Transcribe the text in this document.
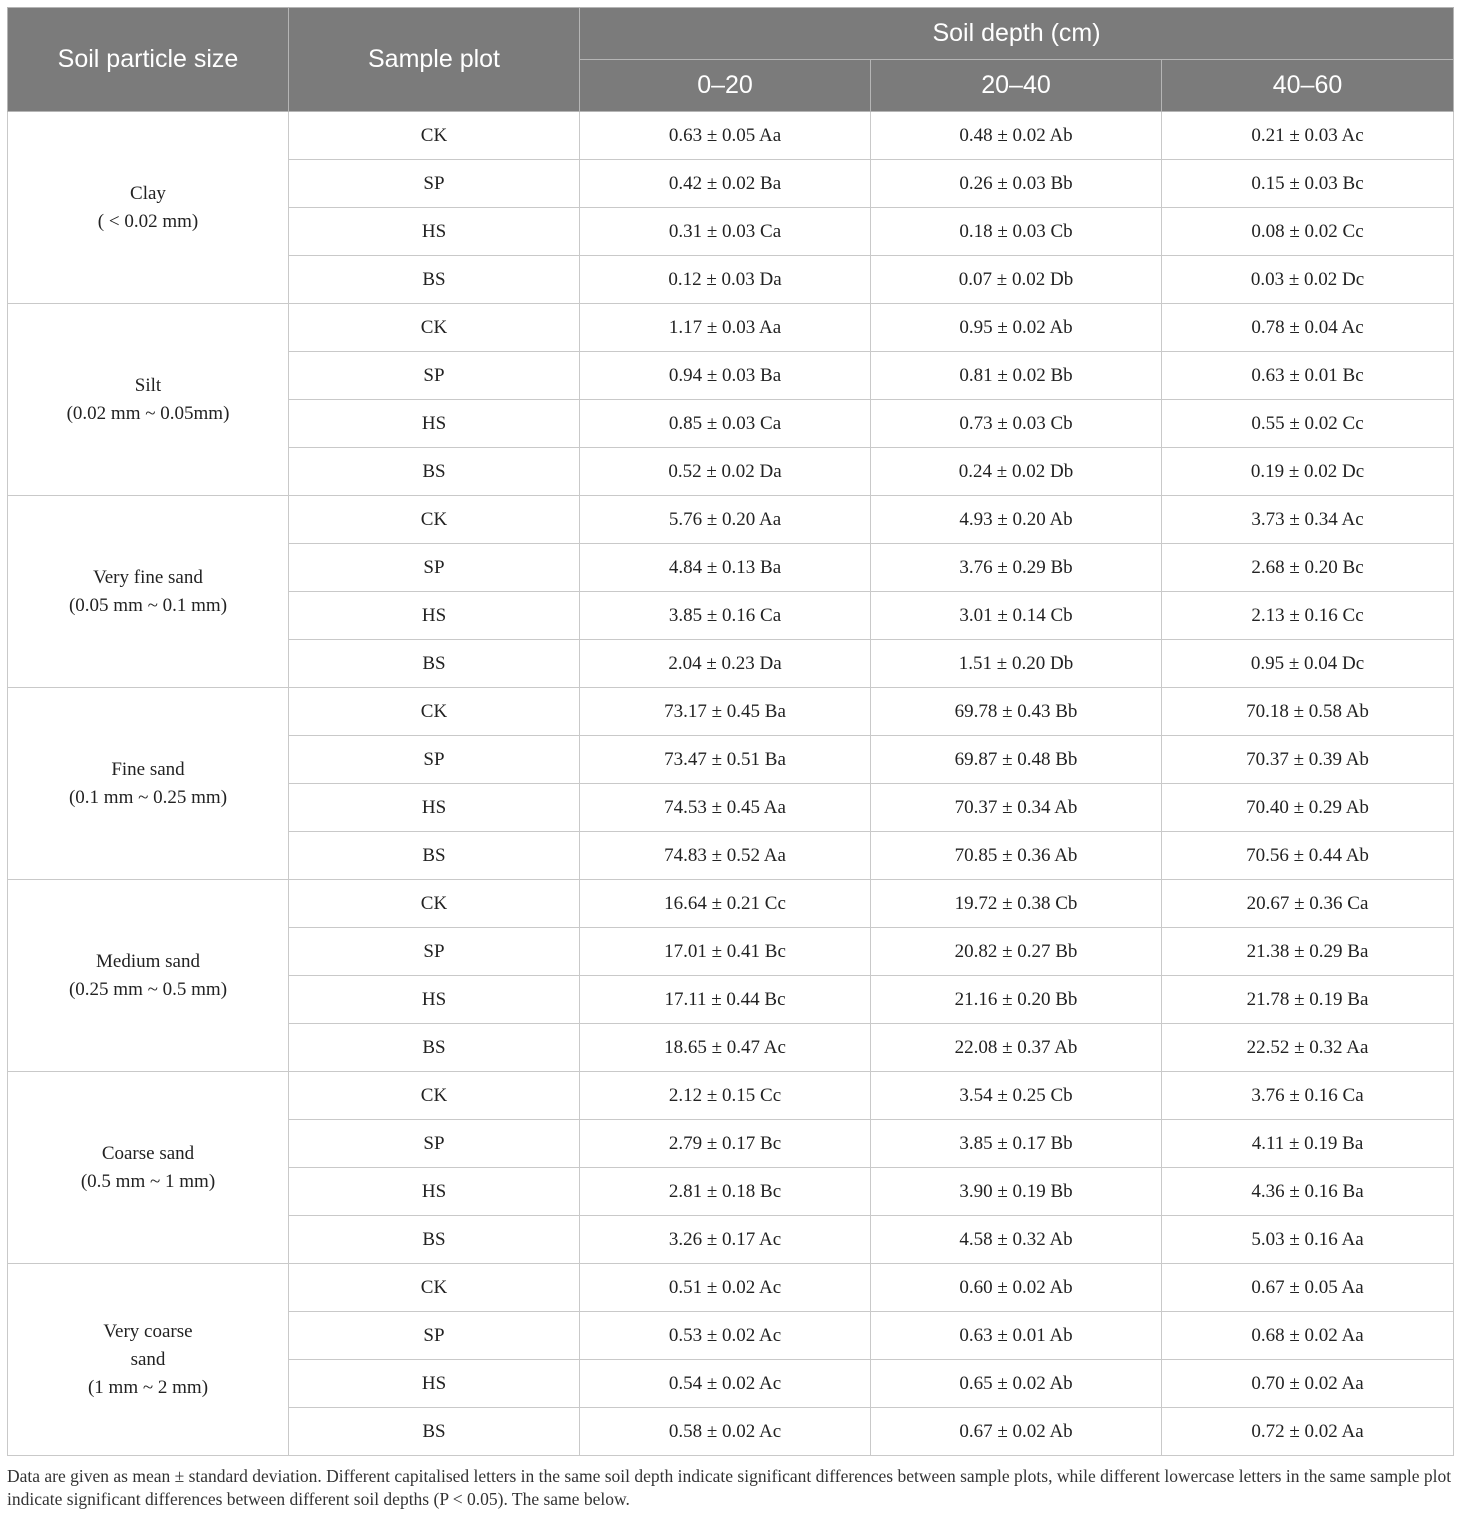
Soil particle size	Sample plot	Soil depth (cm)		
		0–20	20–40	40–60

Clay
( < 0.02 mm)	CK	0.63 ± 0.05 Aa	0.48 ± 0.02 Ab	0.21 ± 0.03 Ac
	SP	0.42 ± 0.02 Ba	0.26 ± 0.03 Bb	0.15 ± 0.03 Bc
	HS	0.31 ± 0.03 Ca	0.18 ± 0.03 Cb	0.08 ± 0.02 Cc
	BS	0.12 ± 0.03 Da	0.07 ± 0.02 Db	0.03 ± 0.02 Dc

Silt
(0.02 mm ~ 0.05mm)	CK	1.17 ± 0.03 Aa	0.95 ± 0.02 Ab	0.78 ± 0.04 Ac
	SP	0.94 ± 0.03 Ba	0.81 ± 0.02 Bb	0.63 ± 0.01 Bc
	HS	0.85 ± 0.03 Ca	0.73 ± 0.03 Cb	0.55 ± 0.02 Cc
	BS	0.52 ± 0.02 Da	0.24 ± 0.02 Db	0.19 ± 0.02 Dc

Very fine sand
(0.05 mm ~ 0.1 mm)	CK	5.76 ± 0.20 Aa	4.93 ± 0.20 Ab	3.73 ± 0.34 Ac
	SP	4.84 ± 0.13 Ba	3.76 ± 0.29 Bb	2.68 ± 0.20 Bc
	HS	3.85 ± 0.16 Ca	3.01 ± 0.14 Cb	2.13 ± 0.16 Cc
	BS	2.04 ± 0.23 Da	1.51 ± 0.20 Db	0.95 ± 0.04 Dc

Fine sand
(0.1 mm ~ 0.25 mm)	CK	73.17 ± 0.45 Ba	69.78 ± 0.43 Bb	70.18 ± 0.58 Ab
	SP	73.47 ± 0.51 Ba	69.87 ± 0.48 Bb	70.37 ± 0.39 Ab
	HS	74.53 ± 0.45 Aa	70.37 ± 0.34 Ab	70.40 ± 0.29 Ab
	BS	74.83 ± 0.52 Aa	70.85 ± 0.36 Ab	70.56 ± 0.44 Ab

Medium sand
(0.25 mm ~ 0.5 mm)	CK	16.64 ± 0.21 Cc	19.72 ± 0.38 Cb	20.67 ± 0.36 Ca
	SP	17.01 ± 0.41 Bc	20.82 ± 0.27 Bb	21.38 ± 0.29 Ba
	HS	17.11 ± 0.44 Bc	21.16 ± 0.20 Bb	21.78 ± 0.19 Ba
	BS	18.65 ± 0.47 Ac	22.08 ± 0.37 Ab	22.52 ± 0.32 Aa

Coarse sand
(0.5 mm ~ 1 mm)	CK	2.12 ± 0.15 Cc	3.54 ± 0.25 Cb	3.76 ± 0.16 Ca
	SP	2.79 ± 0.17 Bc	3.85 ± 0.17 Bb	4.11 ± 0.19 Ba
	HS	2.81 ± 0.18 Bc	3.90 ± 0.19 Bb	4.36 ± 0.16 Ba
	BS	3.26 ± 0.17 Ac	4.58 ± 0.32 Ab	5.03 ± 0.16 Aa

Very coarse
sand
(1 mm ~ 2 mm)	CK	0.51 ± 0.02 Ac	0.60 ± 0.02 Ab	0.67 ± 0.05 Aa
	SP	0.53 ± 0.02 Ac	0.63 ± 0.01 Ab	0.68 ± 0.02 Aa
	HS	0.54 ± 0.02 Ac	0.65 ± 0.02 Ab	0.70 ± 0.02 Aa
	BS	0.58 ± 0.02 Ac	0.67 ± 0.02 Ab	0.72 ± 0.02 Aa
Data are given as mean ± standard deviation. Different capitalised letters in the same soil depth indicate significant differences between sample plots, while different lowercase letters in the same sample plot indicate significant differences between different soil depths (P < 0.05). The same below.
